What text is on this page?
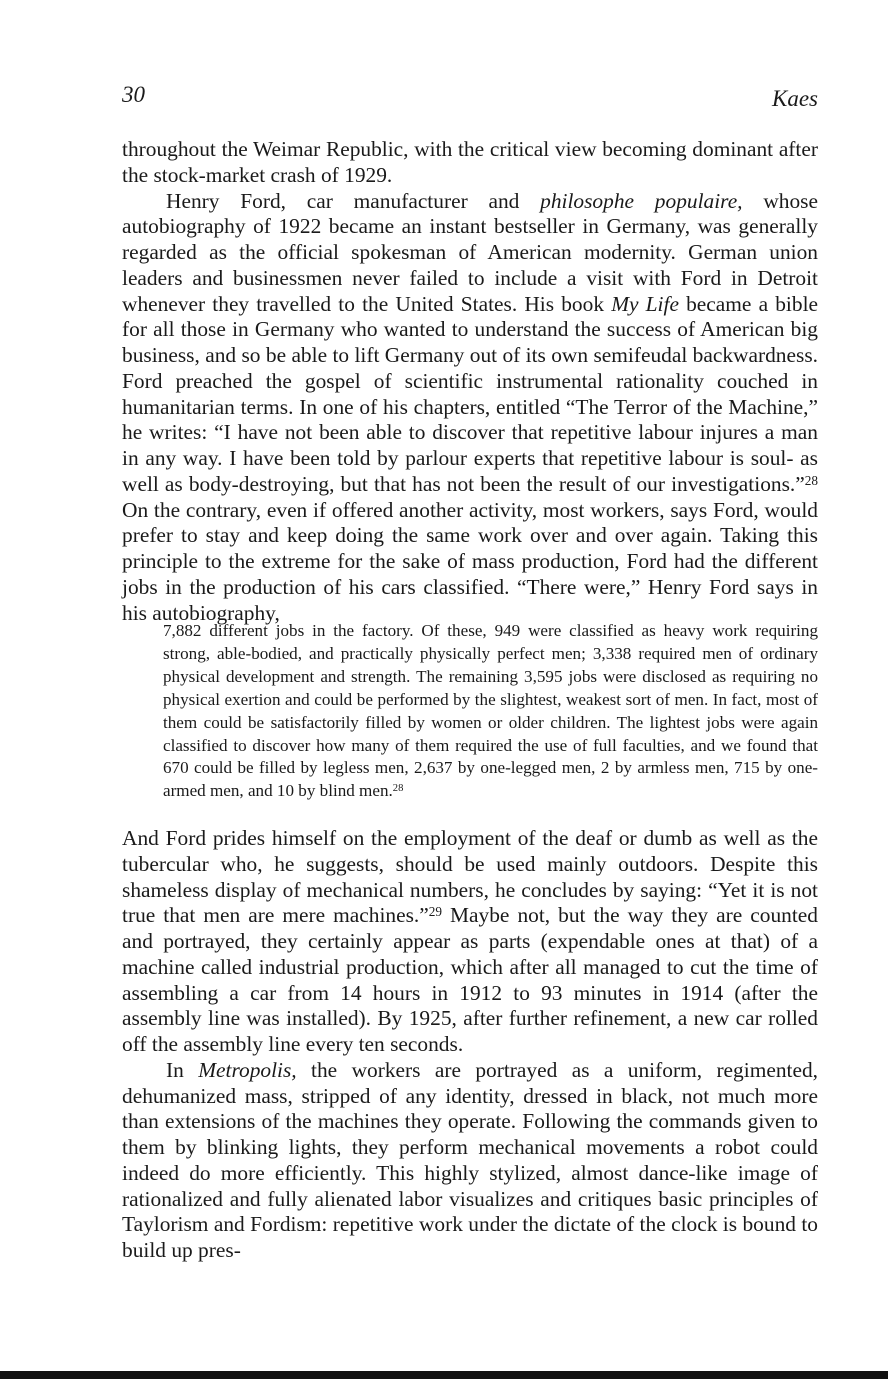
30	Kaes

throughout the Weimar Republic, with the critical view becoming dominant after the stock-market crash of 1929.

Henry Ford, car manufacturer and philosophe populaire, whose autobiography of 1922 became an instant bestseller in Germany, was generally regarded as the official spokesman of American modernity. German union leaders and businessmen never failed to include a visit with Ford in Detroit whenever they travelled to the United States. His book My Life became a bible for all those in Germany who wanted to understand the success of American big business, and so be able to lift Germany out of its own semifeudal backwardness. Ford preached the gospel of scientific instrumental rationality couched in humanitarian terms. In one of his chapters, entitled “The Terror of the Machine,” he writes: “I have not been able to discover that repetitive labour injures a man in any way. I have been told by parlour experts that repetitive labour is soul- as well as body-destroying, but that has not been the result of our investigations.”$^{28}$ On the contrary, even if offered another activity, most workers, says Ford, would prefer to stay and keep doing the same work over and over again. Taking this principle to the extreme for the sake of mass production, Ford had the different jobs in the production of his cars classified. “There were,” Henry Ford says in his autobiography,

7,882 different jobs in the factory. Of these, 949 were classified as heavy work requiring strong, able-bodied, and practically physically perfect men; 3,338 required men of ordinary physical development and strength. The remaining 3,595 jobs were disclosed as requiring no physical exertion and could be performed by the slightest, weakest sort of men. In fact, most of them could be satisfactorily filled by women or older children. The lightest jobs were again classified to discover how many of them required the use of full faculties, and we found that 670 could be filled by legless men, 2,637 by one-legged men, 2 by armless men, 715 by one-armed men, and 10 by blind men.$^{28}$

And Ford prides himself on the employment of the deaf or dumb as well as the tubercular who, he suggests, should be used mainly outdoors. Despite this shameless display of mechanical numbers, he concludes by saying: “Yet it is not true that men are mere machines.”$^{29}$ Maybe not, but the way they are counted and portrayed, they certainly appear as parts (expendable ones at that) of a machine called industrial production, which after all managed to cut the time of assembling a car from 14 hours in 1912 to 93 minutes in 1914 (after the assembly line was installed). By 1925, after further refinement, a new car rolled off the assembly line every ten seconds.

In Metropolis, the workers are portrayed as a uniform, regimented, dehumanized mass, stripped of any identity, dressed in black, not much more than extensions of the machines they operate. Following the commands given to them by blinking lights, they perform mechanical movements a robot could indeed do more efficiently. This highly stylized, almost dance-like image of rationalized and fully alienated labor visualizes and critiques basic principles of Taylorism and Fordism: repetitive work under the dictate of the clock is bound to build up pres-
